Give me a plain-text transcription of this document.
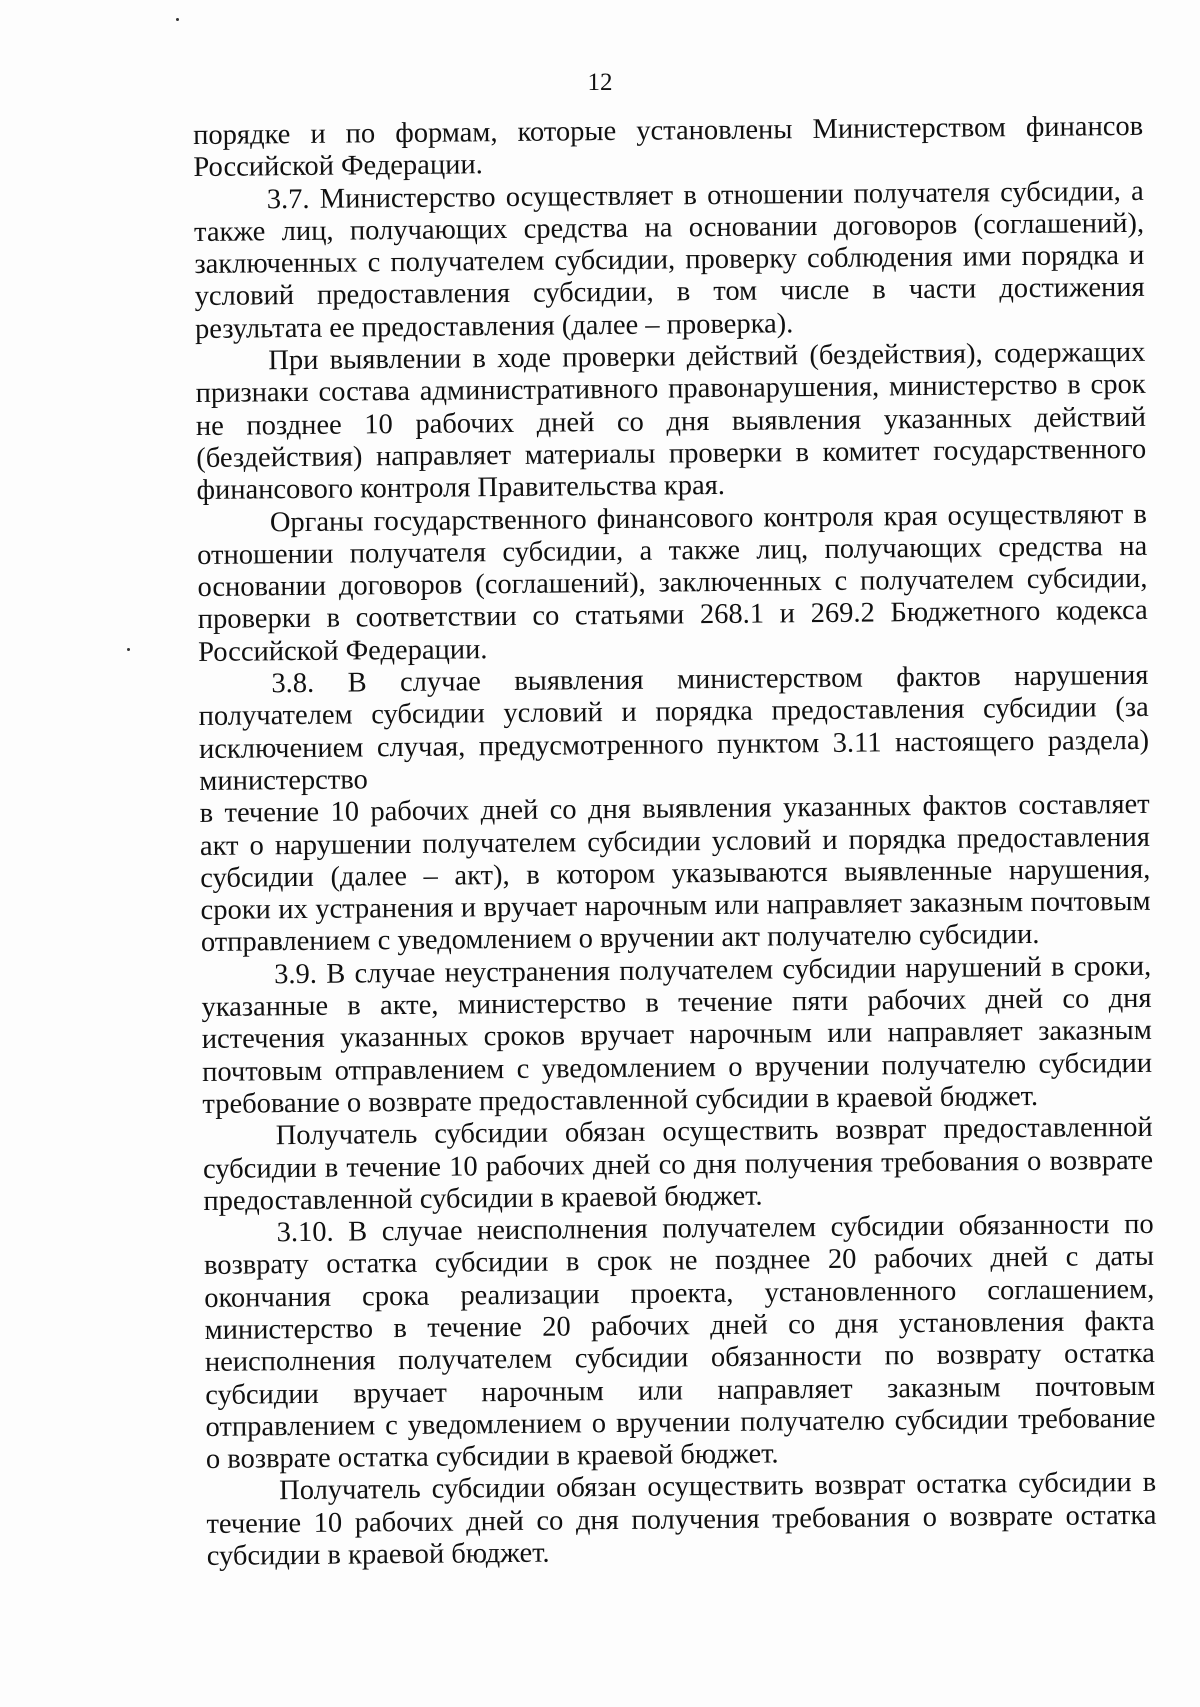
12

порядке и по формам, которые установлены Министерством финансов Российской Федерации.

3.7. Министерство осуществляет в отношении получателя субсидии, а также лиц, получающих средства на основании договоров (соглашений), заключенных с получателем субсидии, проверку соблюдения ими порядка и условий предоставления субсидии, в том числе в части достижения результата ее предоставления (далее – проверка).

При выявлении в ходе проверки действий (бездействия), содержащих признаки состава административного правонарушения, министерство в срок не позднее 10 рабочих дней со дня выявления указанных действий (бездействия) направляет материалы проверки в комитет государственного финансового контроля Правительства края.

Органы государственного финансового контроля края осуществляют в отношении получателя субсидии, а также лиц, получающих средства на основании договоров (соглашений), заключенных с получателем субсидии, проверки в соответствии со статьями 268.1 и 269.2 Бюджетного кодекса Российской Федерации.

3.8. В случае выявления министерством фактов нарушения получателем субсидии условий и порядка предоставления субсидии (за исключением случая, предусмотренного пунктом 3.11 настоящего раздела) министерство

в течение 10 рабочих дней со дня выявления указанных фактов составляет акт о нарушении получателем субсидии условий и порядка предоставления субсидии (далее – акт), в котором указываются выявленные нарушения, сроки их устранения и вручает нарочным или направляет заказным почтовым отправлением с уведомлением о вручении акт получателю субсидии.

3.9. В случае неустранения получателем субсидии нарушений в сроки, указанные в акте, министерство в течение пяти рабочих дней со дня истечения указанных сроков вручает нарочным или направляет заказным почтовым отправлением с уведомлением о вручении получателю субсидии требование о возврате предоставленной субсидии в краевой бюджет.

Получатель субсидии обязан осуществить возврат предоставленной субсидии в течение 10 рабочих дней со дня получения требования о возврате предоставленной субсидии в краевой бюджет.

3.10. В случае неисполнения получателем субсидии обязанности по возврату остатка субсидии в срок не позднее 20 рабочих дней с даты окончания срока реализации проекта, установленного соглашением, министерство в течение 20 рабочих дней со дня установления факта неисполнения получателем субсидии обязанности по возврату остатка субсидии вручает нарочным или направляет заказным почтовым отправлением с уведомлением о вручении получателю субсидии требование о возврате остатка субсидии в краевой бюджет.

Получатель субсидии обязан осуществить возврат остатка субсидии в течение 10 рабочих дней со дня получения требования о возврате остатка субсидии в краевой бюджет.
